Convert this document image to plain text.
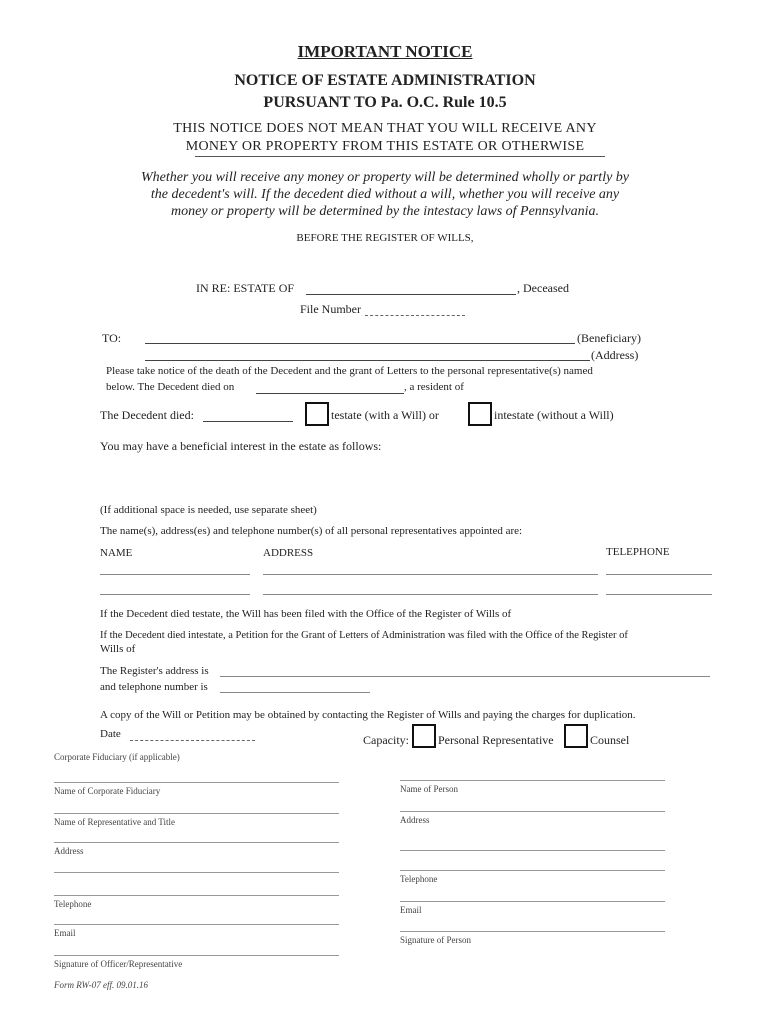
IMPORTANT NOTICE
NOTICE OF ESTATE ADMINISTRATION
PURSUANT TO Pa. O.C. Rule 10.5
THIS NOTICE DOES NOT MEAN THAT YOU WILL RECEIVE ANY
MONEY OR PROPERTY FROM THIS ESTATE OR OTHERWISE
Whether you will receive any money or property will be determined wholly or partly by
the decedent's will. If the decedent died without a will, whether you will receive any
money or property will be determined by the intestacy laws of Pennsylvania.
BEFORE THE REGISTER OF WILLS,
IN RE: ESTATE OF	, Deceased
File Number
TO:	(Beneficiary)
(Address)
Please take notice of the death of the Decedent and the grant of Letters to the personal representative(s) named
below. The Decedent died on	, a resident of
The Decedent died:	testate (with a Will) or	intestate (without a Will)
You may have a beneficial interest in the estate as follows:
(If additional space is needed, use separate sheet)
The name(s), address(es) and telephone number(s) of all personal representatives appointed are:
NAME	ADDRESS	TELEPHONE
If the Decedent died testate, the Will has been filed with the Office of the Register of Wills of
If the Decedent died intestate, a Petition for the Grant of Letters of Administration was filed with the Office of the Register of
Wills of
The Register's address is
and telephone number is
A copy of the Will or Petition may be obtained by contacting the Register of Wills and paying the charges for duplication.
Date	Capacity: Personal Representative	Counsel
Corporate Fiduciary (if applicable)
Name of Corporate Fiduciary
Name of Representative and Title
Address
Telephone
Email
Signature of Officer/Representative
Name of Person
Address
Telephone
Email
Signature of Person
Form RW-07 eff. 09.01.16
